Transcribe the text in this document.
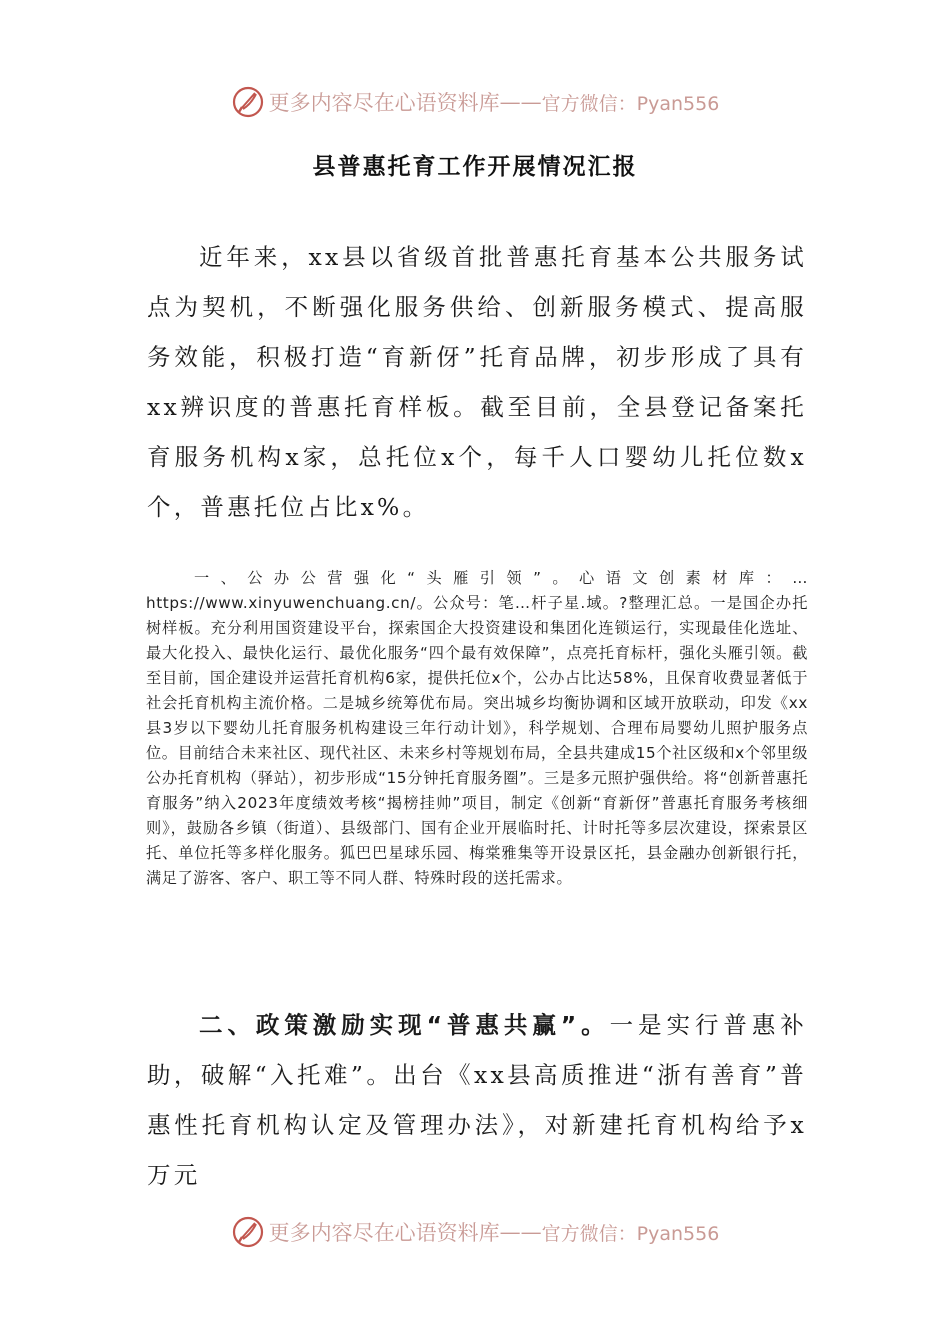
更多内容尽在心语资料库 —— 官方微信：Pyan556
县普惠托育工作开展情况汇报

近年来，xx县以省级首批普惠托育基本公共服务试点为契机，不断强化服务供给、创新服务模式、提高服务效能，积极打造“育新伢”托育品牌，初步形成了具有xx辨识度的普惠托育样板。截至目前，全县登记备案托育服务机构x家，总托位x个，每千人口婴幼儿托位数x个，普惠托位占比x%。

一、公办公营强化“头雁引领”。心语文创素材库：…https://www.xinyuwenchuang.cn/。公众号：笔…杆子星.域。?整理汇总。一是国企办托树样板。充分利用国资建设平台，探索国企大投资建设和集团化连锁运行，实现最佳化选址、最大化投入、最快化运行、最优化服务“四个最有效保障”，点亮托育标杆，强化头雁引领。截至目前，国企建设并运营托育机构6家，提供托位x个，公办占比达58%，且保育收费显著低于社会托育机构主流价格。二是城乡统筹优布局。突出城乡均衡协调和区域开放联动，印发《xx县3岁以下婴幼儿托育服务机构建设三年行动计划》，科学规划、合理布局婴幼儿照护服务点位。目前结合未来社区、现代社区、未来乡村等规划布局，全县共建成15个社区级和x个邻里级公办托育机构（驿站），初步形成“15分钟托育服务圈”。三是多元照护强供给。将“创新普惠托育服务”纳入2023年度绩效考核“揭榜挂帅”项目，制定《创新“育新伢”普惠托育服务考核细则》，鼓励各乡镇（街道）、县级部门、国有企业开展临时托、计时托等多层次建设，探索景区托、单位托等多样化服务。狐巴巴星球乐园、梅棠雅集等开设景区托，县金融办创新银行托，满足了游客、客户、职工等不同人群、特殊时段的送托需求。

二、政策激励实现“普惠共赢”。一是实行普惠补助，破解“入托难”。出台《xx县高质推进“浙有善育”普惠性托育机构认定及管理办法》，对新建托育机构给予x万元

更多内容尽在心语资料库 —— 官方微信：Pyan556
